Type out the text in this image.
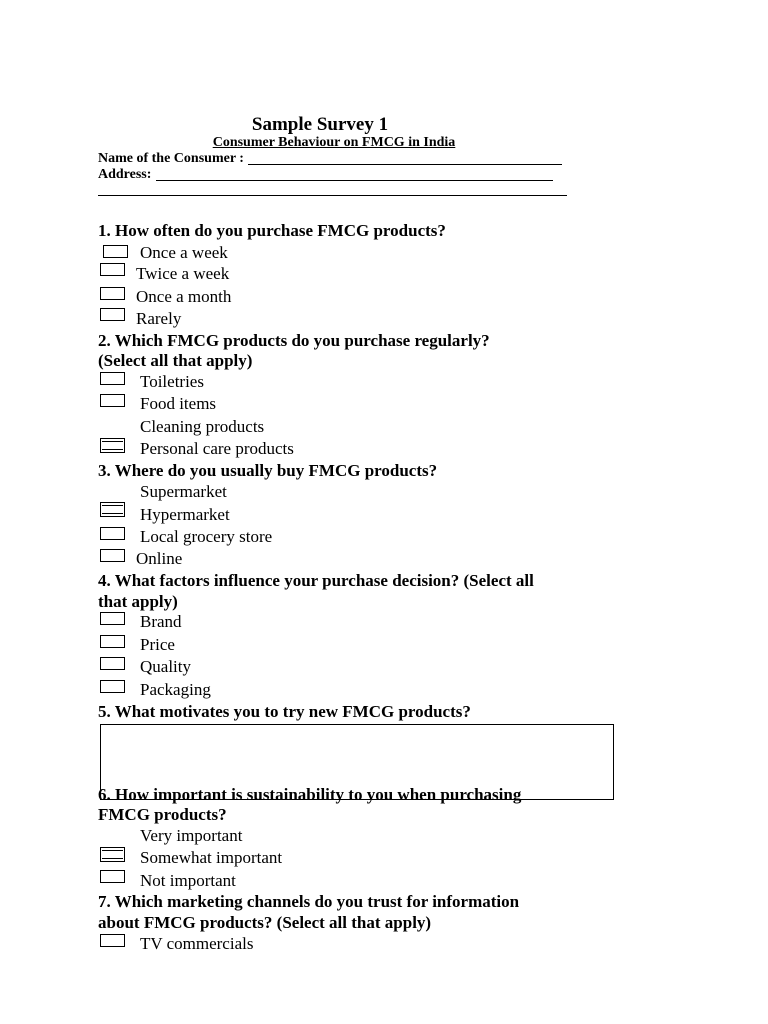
Sample Survey 1
Consumer Behaviour on FMCG in India
Name of the Consumer :
Address:
1. How often do you purchase FMCG products?
Once a week
Twice a week
Once a month
Rarely
2. Which FMCG products do you purchase regularly?
(Select all that apply)
Toiletries
Food items
Cleaning products
Personal care products
3. Where do you usually buy FMCG products?
Supermarket
Hypermarket
Local grocery store
Online
4. What factors influence your purchase decision? (Select all
that apply)
Brand
Price
Quality
Packaging
5. What motivates you to try new FMCG products?
6. How important is sustainability to you when purchasing
FMCG products?
Very important
Somewhat important
Not important
7. Which marketing channels do you trust for information
about FMCG products? (Select all that apply)
TV commercials
